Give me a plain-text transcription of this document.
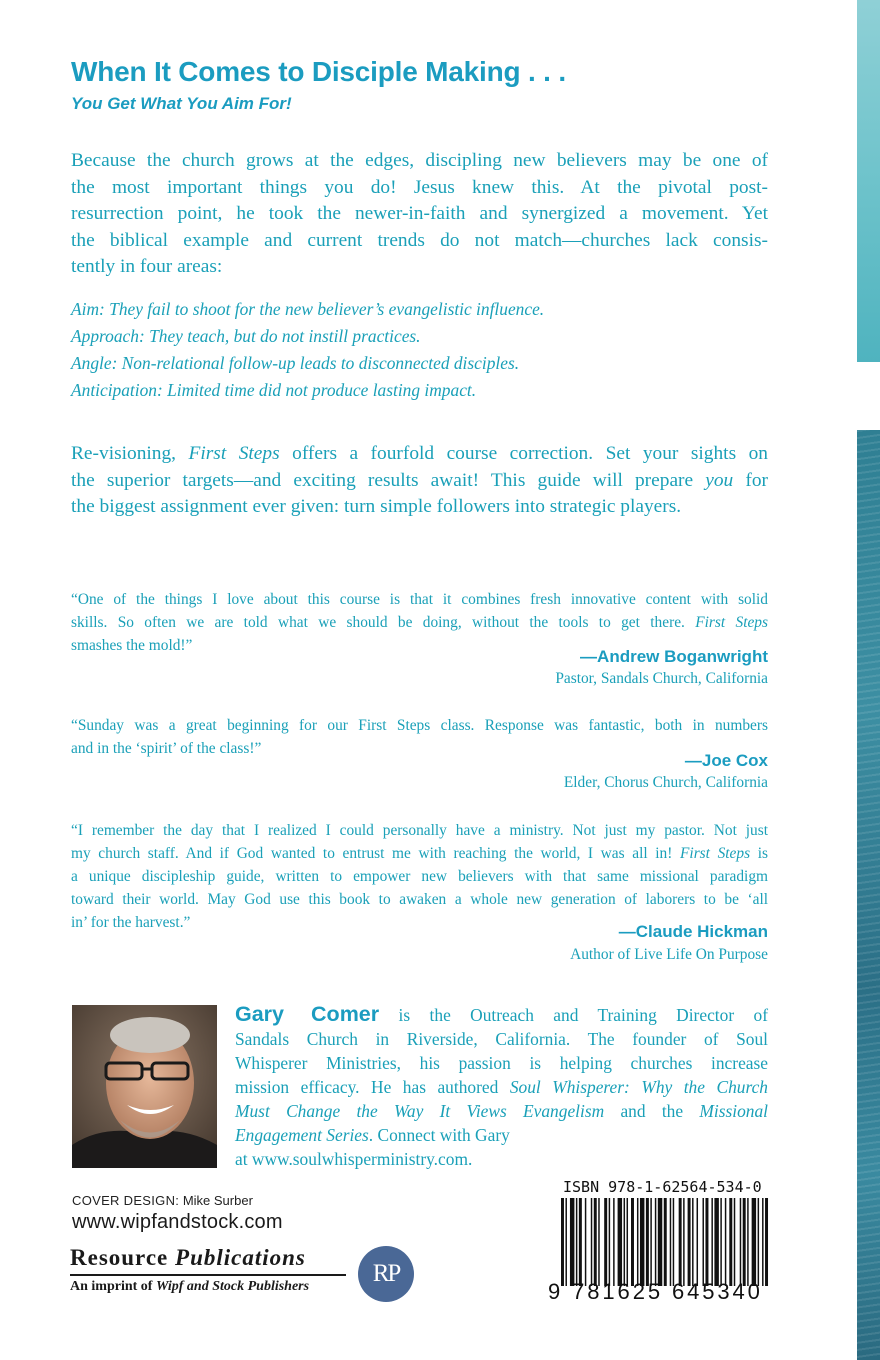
When It Comes to Disciple Making . . .
You Get What You Aim For!
Because the church grows at the edges, discipling new believers may be one of
the most important things you do! Jesus knew this. At the pivotal post-
resurrection point, he took the newer-in-faith and synergized a movement. Yet
the biblical example and current trends do not match—churches lack consis-
tently in four areas:
Aim: They fail to shoot for the new believer’s evangelistic influence.
Approach: They teach, but do not instill practices.
Angle: Non-relational follow-up leads to disconnected disciples.
Anticipation: Limited time did not produce lasting impact.
Re-visioning, First Steps offers a fourfold course correction. Set your sights on
the superior targets—and exciting results await! This guide will prepare you for
the biggest assignment ever given: turn simple followers into strategic players.
“One of the things I love about this course is that it combines fresh innovative content with solid
skills. So often we are told what we should be doing, without the tools to get there. First Steps
smashes the mold!”
—Andrew Boganwright
Pastor, Sandals Church, California
“Sunday was a great beginning for our First Steps class. Response was fantastic, both in numbers
and in the ‘spirit’ of the class!”
—Joe Cox
Elder, Chorus Church, California
“I remember the day that I realized I could personally have a ministry. Not just my pastor. Not just
my church staff. And if God wanted to entrust me with reaching the world, I was all in! First Steps is
a unique discipleship guide, written to empower new believers with that same missional paradigm
toward their world. May God use this book to awaken a whole new generation of laborers to be ‘all
in’ for the harvest.”	—Claude Hickman
Author of Live Life On Purpose
Gary Comer is the Outreach and Training Director of
Sandals Church in Riverside, California. The founder of Soul
Whisperer Ministries, his passion is helping churches increase
mission efficacy. He has authored Soul Whisperer: Why the Church
Must Change the Way It Views Evangelism and the Missional
Engagement Series. Connect with Gary
at www.soulwhisperministry.com.
COVER DESIGN: Mike Surber
www.wipfandstock.com
Resource Publications
An imprint of Wipf and Stock Publishers	RP
ISBN 978-1-62564-534-0
9 781625 645340
